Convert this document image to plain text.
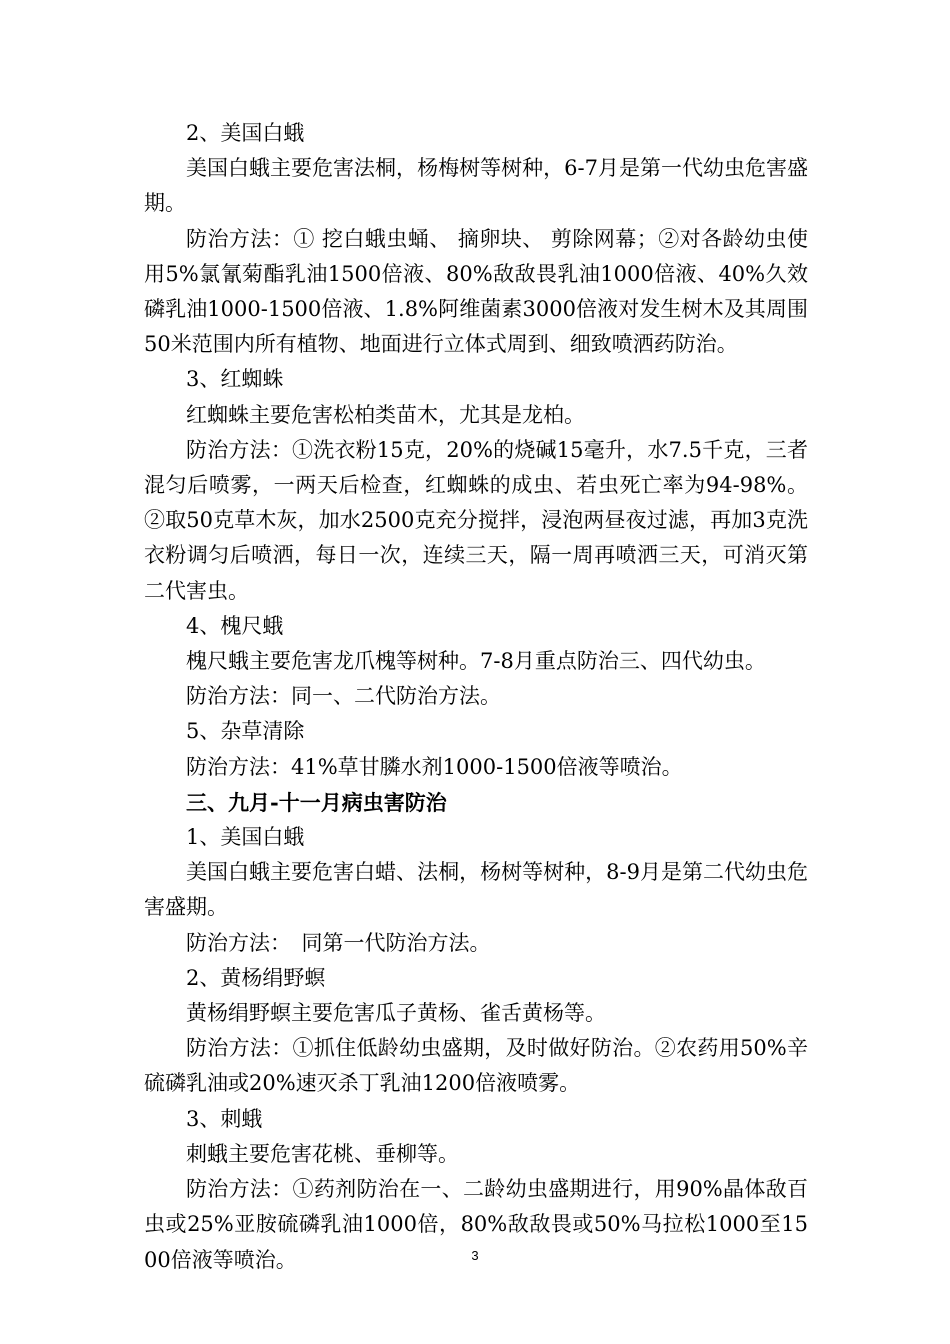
2、美国白蛾

美国白蛾主要危害法桐，杨梅树等树种，6-7月是第一代幼虫危害盛期。

防治方法：① 挖白蛾虫蛹、 摘卵块、 剪除网幕；②对各龄幼虫使用5%氯氰菊酯乳油1500倍液、80%敌敌畏乳油1000倍液、40%久效磷乳油1000-1500倍液、1.8%阿维菌素3000倍液对发生树木及其周围50米范围内所有植物、地面进行立体式周到、细致喷洒药防治。

3、红蜘蛛

红蜘蛛主要危害松柏类苗木，尤其是龙柏。

防治方法：①洗衣粉15克，20%的烧碱15毫升，水7.5千克，三者混匀后喷雾，一两天后检查，红蜘蛛的成虫、若虫死亡率为94-98%。②取50克草木灰，加水2500克充分搅拌，浸泡两昼夜过滤，再加3克洗衣粉调匀后喷洒，每日一次，连续三天，隔一周再喷洒三天，可消灭第二代害虫。

4、槐尺蛾

槐尺蛾主要危害龙爪槐等树种。7-8月重点防治三、四代幼虫。

防治方法：同一、二代防治方法。

5、杂草清除

防治方法：41%草甘膦水剂1000-1500倍液等喷治。

三、九月-十一月病虫害防治

1、美国白蛾

美国白蛾主要危害白蜡、法桐，杨树等树种，8-9月是第二代幼虫危害盛期。

防治方法：　同第一代防治方法。

2、黄杨绢野螟

黄杨绢野螟主要危害瓜子黄杨、雀舌黄杨等。

防治方法：①抓住低龄幼虫盛期，及时做好防治。②农药用50%辛硫磷乳油或20%速灭杀丁乳油1200倍液喷雾。

3、刺蛾

刺蛾主要危害花桃、垂柳等。

防治方法：①药剂防治在一、二龄幼虫盛期进行，用90%晶体敌百虫或25%亚胺硫磷乳油1000倍，80%敌敌畏或50%马拉松1000至1500倍液等喷治。	3
